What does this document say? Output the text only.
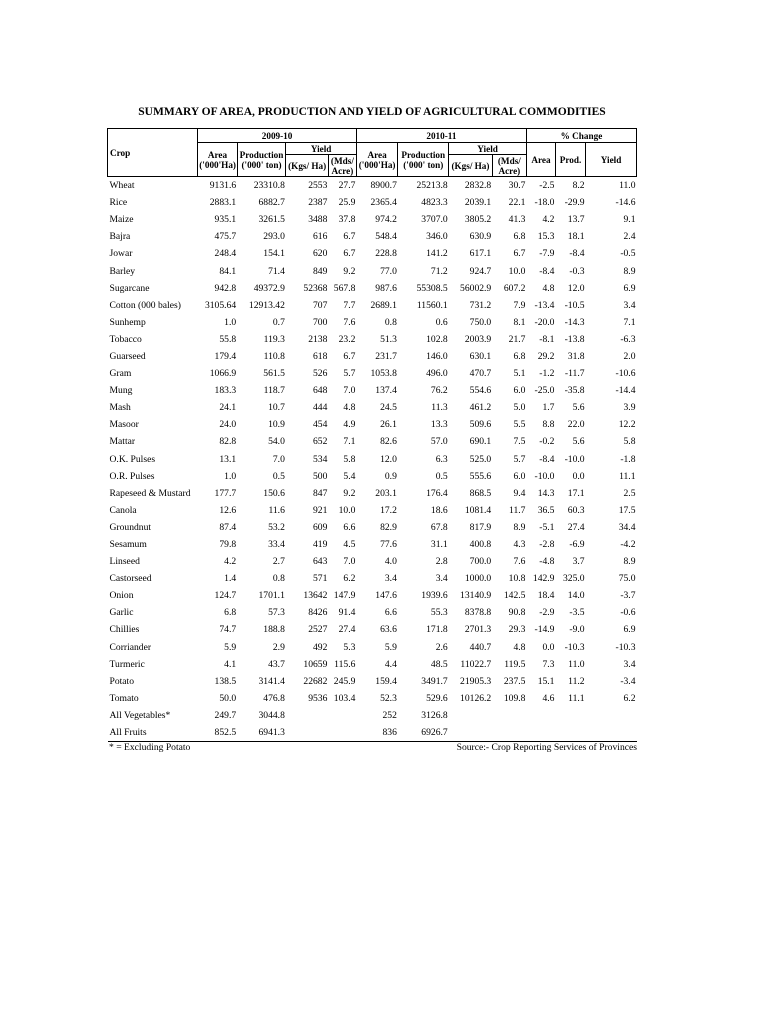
SUMMARY OF AREA, PRODUCTION AND YIELD OF AGRICULTURAL COMMODITIES
Crop	2009-10				2010-11				% Change		
	Area ('000'Ha)	Production ('000' ton)	Yield		Area ('000'Ha)	Production ('000' ton)	Yield		Area	Prod.	Yield
			(Kgs/ Ha)	(Mds/ Acre)			(Kgs/ Ha)	(Mds/ Acre)			
Wheat	9131.6	23310.8	2553	27.7	8900.7	25213.8	2832.8	30.7	-2.5	8.2	11.0
Rice	2883.1	6882.7	2387	25.9	2365.4	4823.3	2039.1	22.1	-18.0	-29.9	-14.6
Maize	935.1	3261.5	3488	37.8	974.2	3707.0	3805.2	41.3	4.2	13.7	9.1
Bajra	475.7	293.0	616	6.7	548.4	346.0	630.9	6.8	15.3	18.1	2.4
Jowar	248.4	154.1	620	6.7	228.8	141.2	617.1	6.7	-7.9	-8.4	-0.5
Barley	84.1	71.4	849	9.2	77.0	71.2	924.7	10.0	-8.4	-0.3	8.9
Sugarcane	942.8	49372.9	52368	567.8	987.6	55308.5	56002.9	607.2	4.8	12.0	6.9
Cotton (000 bales)	3105.64	12913.42	707	7.7	2689.1	11560.1	731.2	7.9	-13.4	-10.5	3.4
Sunhemp	1.0	0.7	700	7.6	0.8	0.6	750.0	8.1	-20.0	-14.3	7.1
Tobacco	55.8	119.3	2138	23.2	51.3	102.8	2003.9	21.7	-8.1	-13.8	-6.3
Guarseed	179.4	110.8	618	6.7	231.7	146.0	630.1	6.8	29.2	31.8	2.0
Gram	1066.9	561.5	526	5.7	1053.8	496.0	470.7	5.1	-1.2	-11.7	-10.6
Mung	183.3	118.7	648	7.0	137.4	76.2	554.6	6.0	-25.0	-35.8	-14.4
Mash	24.1	10.7	444	4.8	24.5	11.3	461.2	5.0	1.7	5.6	3.9
Masoor	24.0	10.9	454	4.9	26.1	13.3	509.6	5.5	8.8	22.0	12.2
Mattar	82.8	54.0	652	7.1	82.6	57.0	690.1	7.5	-0.2	5.6	5.8
O.K. Pulses	13.1	7.0	534	5.8	12.0	6.3	525.0	5.7	-8.4	-10.0	-1.8
O.R. Pulses	1.0	0.5	500	5.4	0.9	0.5	555.6	6.0	-10.0	0.0	11.1
Rapeseed & Mustard	177.7	150.6	847	9.2	203.1	176.4	868.5	9.4	14.3	17.1	2.5
Canola	12.6	11.6	921	10.0	17.2	18.6	1081.4	11.7	36.5	60.3	17.5
Groundnut	87.4	53.2	609	6.6	82.9	67.8	817.9	8.9	-5.1	27.4	34.4
Sesamum	79.8	33.4	419	4.5	77.6	31.1	400.8	4.3	-2.8	-6.9	-4.2
Linseed	4.2	2.7	643	7.0	4.0	2.8	700.0	7.6	-4.8	3.7	8.9
Castorseed	1.4	0.8	571	6.2	3.4	3.4	1000.0	10.8	142.9	325.0	75.0
Onion	124.7	1701.1	13642	147.9	147.6	1939.6	13140.9	142.5	18.4	14.0	-3.7
Garlic	6.8	57.3	8426	91.4	6.6	55.3	8378.8	90.8	-2.9	-3.5	-0.6
Chillies	74.7	188.8	2527	27.4	63.6	171.8	2701.3	29.3	-14.9	-9.0	6.9
Corriander	5.9	2.9	492	5.3	5.9	2.6	440.7	4.8	0.0	-10.3	-10.3
Turmeric	4.1	43.7	10659	115.6	4.4	48.5	11022.7	119.5	7.3	11.0	3.4
Potato	138.5	3141.4	22682	245.9	159.4	3491.7	21905.3	237.5	15.1	11.2	-3.4
Tomato	50.0	476.8	9536	103.4	52.3	529.6	10126.2	109.8	4.6	11.1	6.2
All Vegetables*	249.7	3044.8			252	3126.8					
All Fruits	852.5	6941.3			836	6926.7					
* = Excluding Potato	Source:- Crop Reporting Services of Provinces
